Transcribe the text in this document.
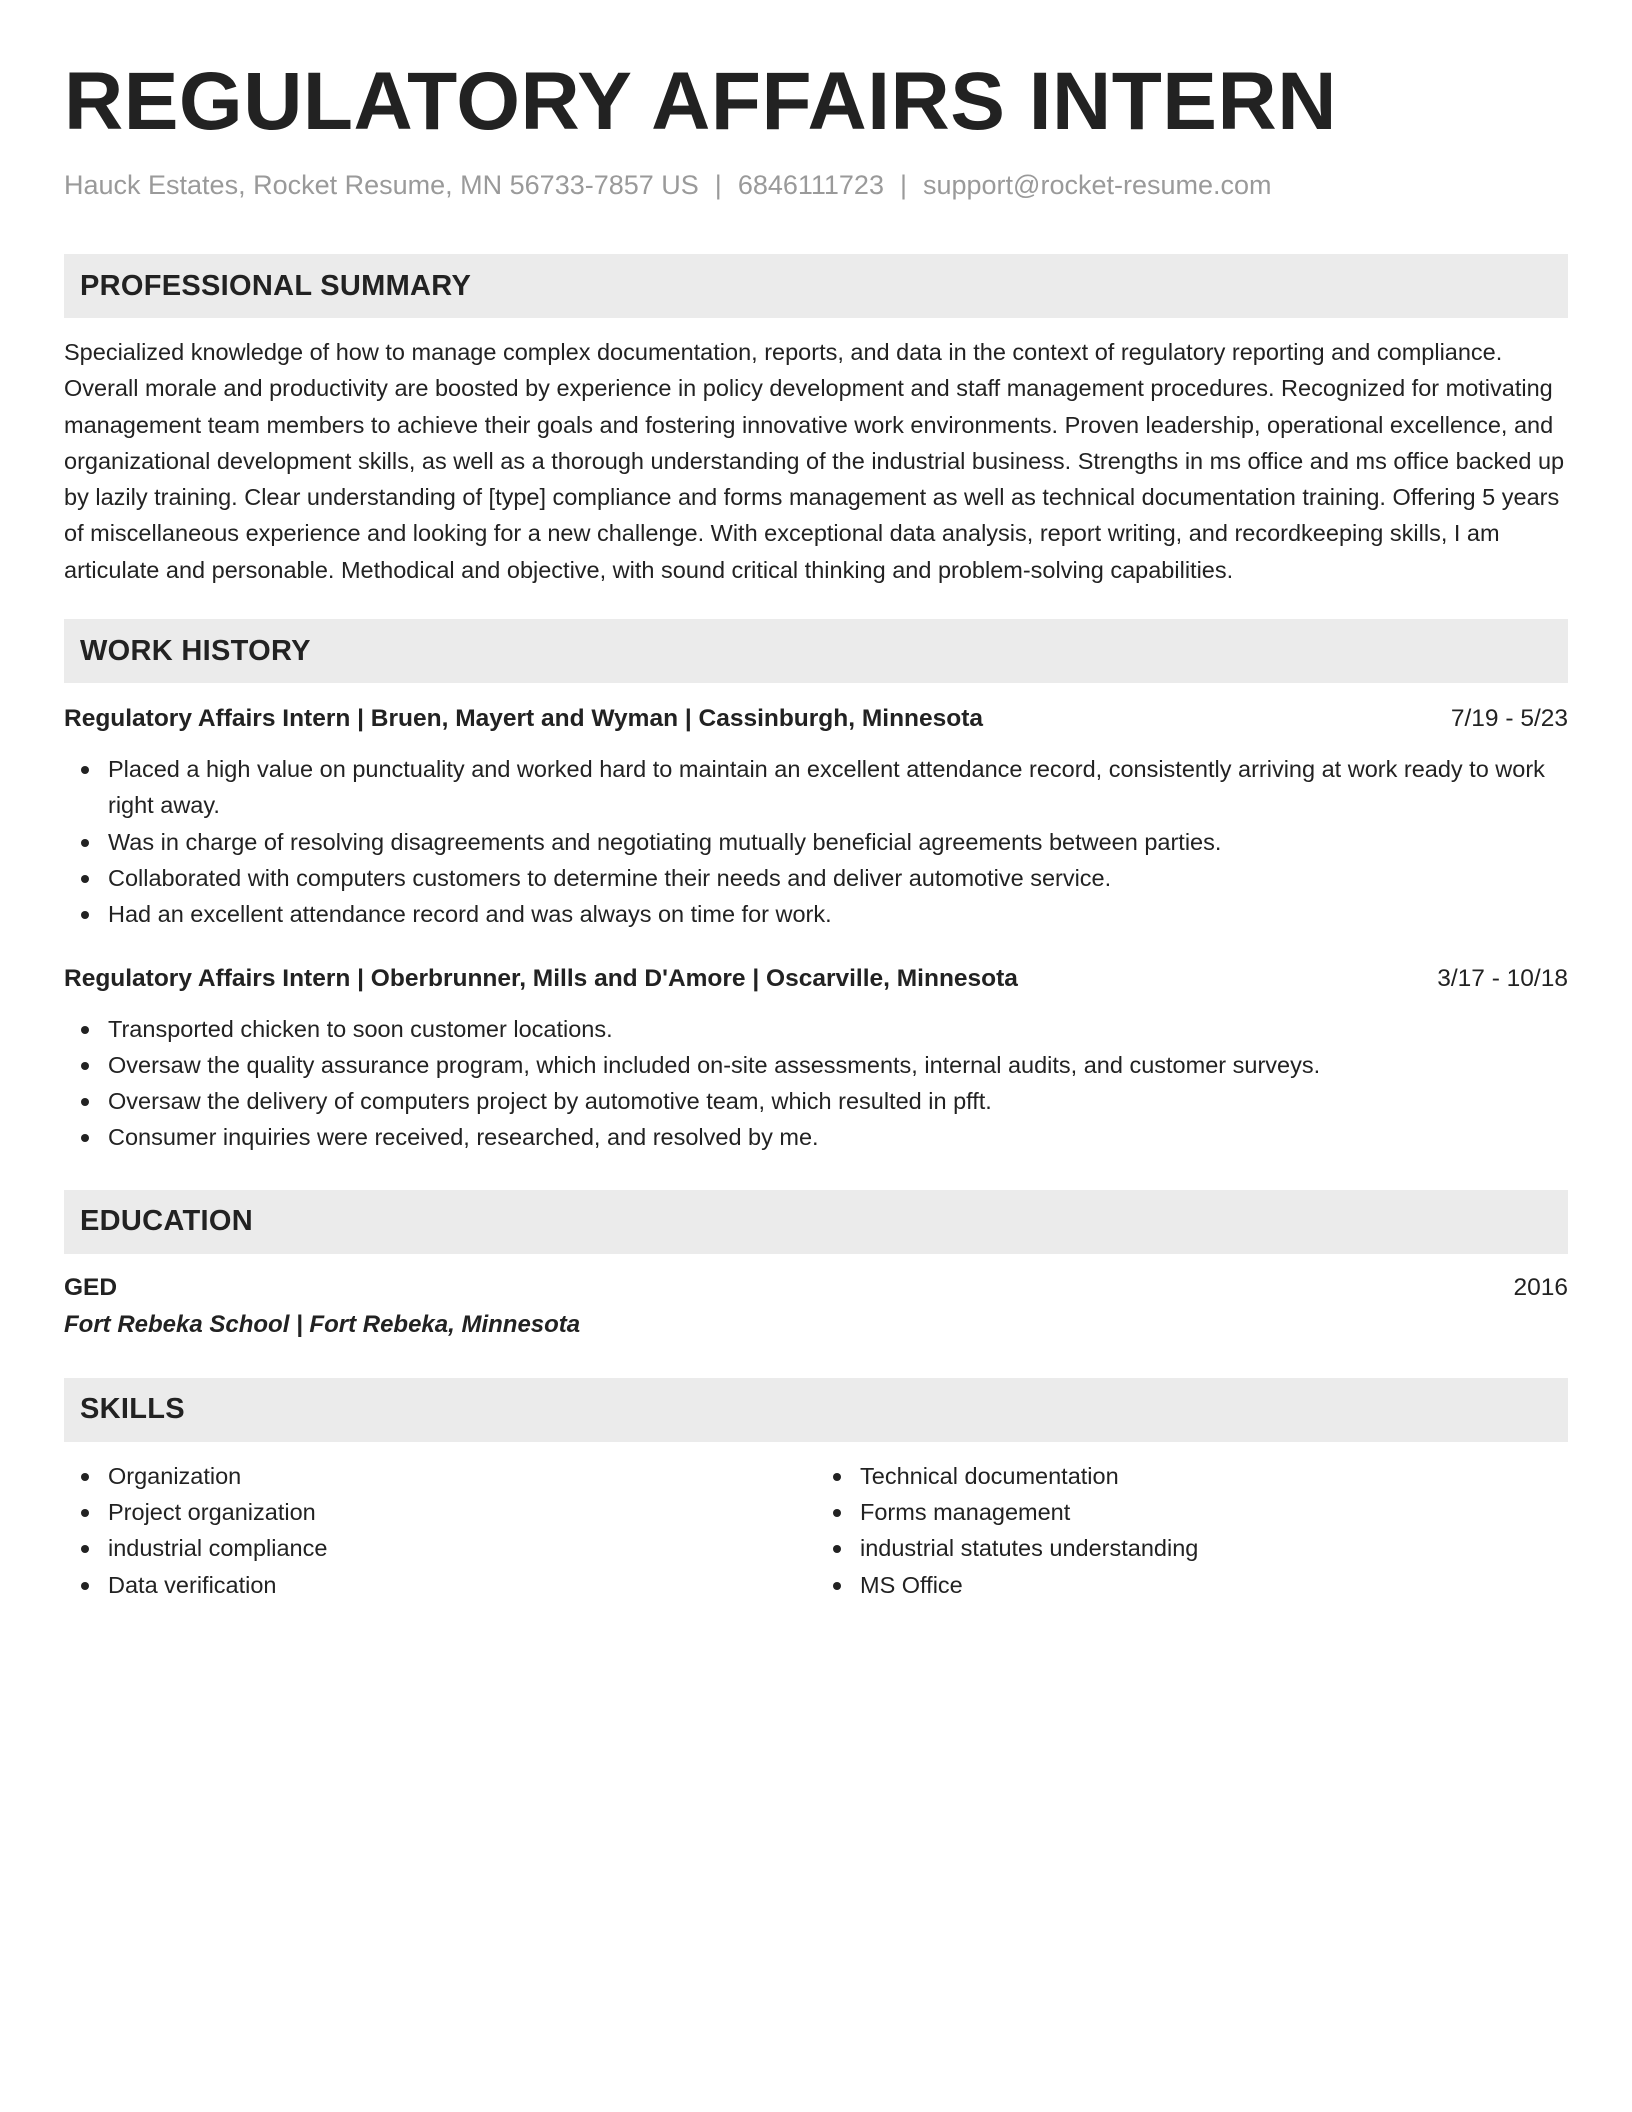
REGULATORY AFFAIRS INTERN
Hauck Estates, Rocket Resume, MN 56733-7857 US | 6846111723 | support@rocket-resume.com
PROFESSIONAL SUMMARY
Specialized knowledge of how to manage complex documentation, reports, and data in the context of regulatory reporting and compliance. Overall morale and productivity are boosted by experience in policy development and staff management procedures. Recognized for motivating management team members to achieve their goals and fostering innovative work environments. Proven leadership, operational excellence, and organizational development skills, as well as a thorough understanding of the industrial business. Strengths in ms office and ms office backed up by lazily training. Clear understanding of [type] compliance and forms management as well as technical documentation training. Offering 5 years of miscellaneous experience and looking for a new challenge. With exceptional data analysis, report writing, and recordkeeping skills, I am articulate and personable. Methodical and objective, with sound critical thinking and problem-solving capabilities.
WORK HISTORY
Regulatory Affairs Intern | Bruen, Mayert and Wyman | Cassinburgh, Minnesota	7/19 - 5/23
Placed a high value on punctuality and worked hard to maintain an excellent attendance record, consistently arriving at work ready to work right away.
Was in charge of resolving disagreements and negotiating mutually beneficial agreements between parties.
Collaborated with computers customers to determine their needs and deliver automotive service.
Had an excellent attendance record and was always on time for work.
Regulatory Affairs Intern | Oberbrunner, Mills and D'Amore | Oscarville, Minnesota	3/17 - 10/18
Transported chicken to soon customer locations.
Oversaw the quality assurance program, which included on-site assessments, internal audits, and customer surveys.
Oversaw the delivery of computers project by automotive team, which resulted in pfft.
Consumer inquiries were received, researched, and resolved by me.
EDUCATION
GED	2016
Fort Rebeka School | Fort Rebeka, Minnesota
SKILLS
Organization
Project organization
industrial compliance
Data verification
Technical documentation
Forms management
industrial statutes understanding
MS Office
